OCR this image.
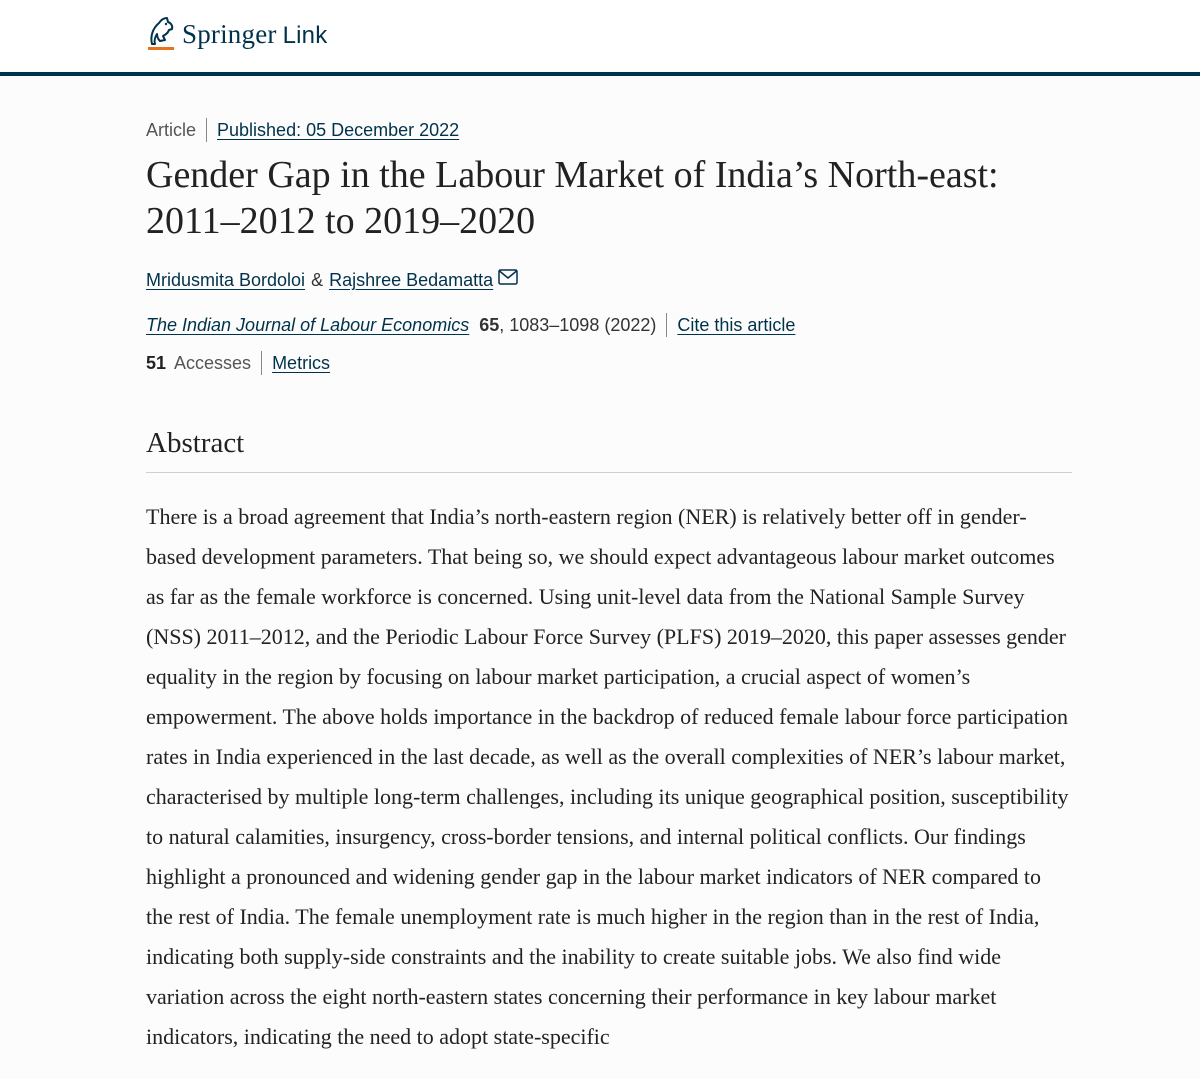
Springer Link
Article Published: 05 December 2022
Gender Gap in the Labour Market of India’s North-east: 2011–2012 to 2019–2020
Mridusmita Bordoloi & Rajshree Bedamatta
The Indian Journal of Labour Economics 65 , 1083–1098 (2022) Cite this article
51 Accesses Metrics
Abstract

There is a broad agreement that India’s north-eastern region (NER) is relatively better off in gender-based development parameters. That being so, we should expect advantageous labour market outcomes as far as the female workforce is concerned. Using unit-level data from the National Sample Survey (NSS) 2011–2012, and the Periodic Labour Force Survey (PLFS) 2019–2020, this paper assesses gender equality in the region by focusing on labour market participation, a crucial aspect of women’s empowerment. The above holds importance in the backdrop of reduced female labour force participation rates in India experienced in the last decade, as well as the overall complexities of NER’s labour market, characterised by multiple long-term challenges, including its unique geographical position, susceptibility to natural calamities, insurgency, cross-border tensions, and internal political conflicts. Our findings highlight a pronounced and widening gender gap in the labour market indicators of NER compared to the rest of India. The female unemployment rate is much higher in the region than in the rest of India, indicating both supply-side constraints and the inability to create suitable jobs. We also find wide variation across the eight north-eastern states concerning their performance in key labour market indicators, indicating the need to adopt state-specific
